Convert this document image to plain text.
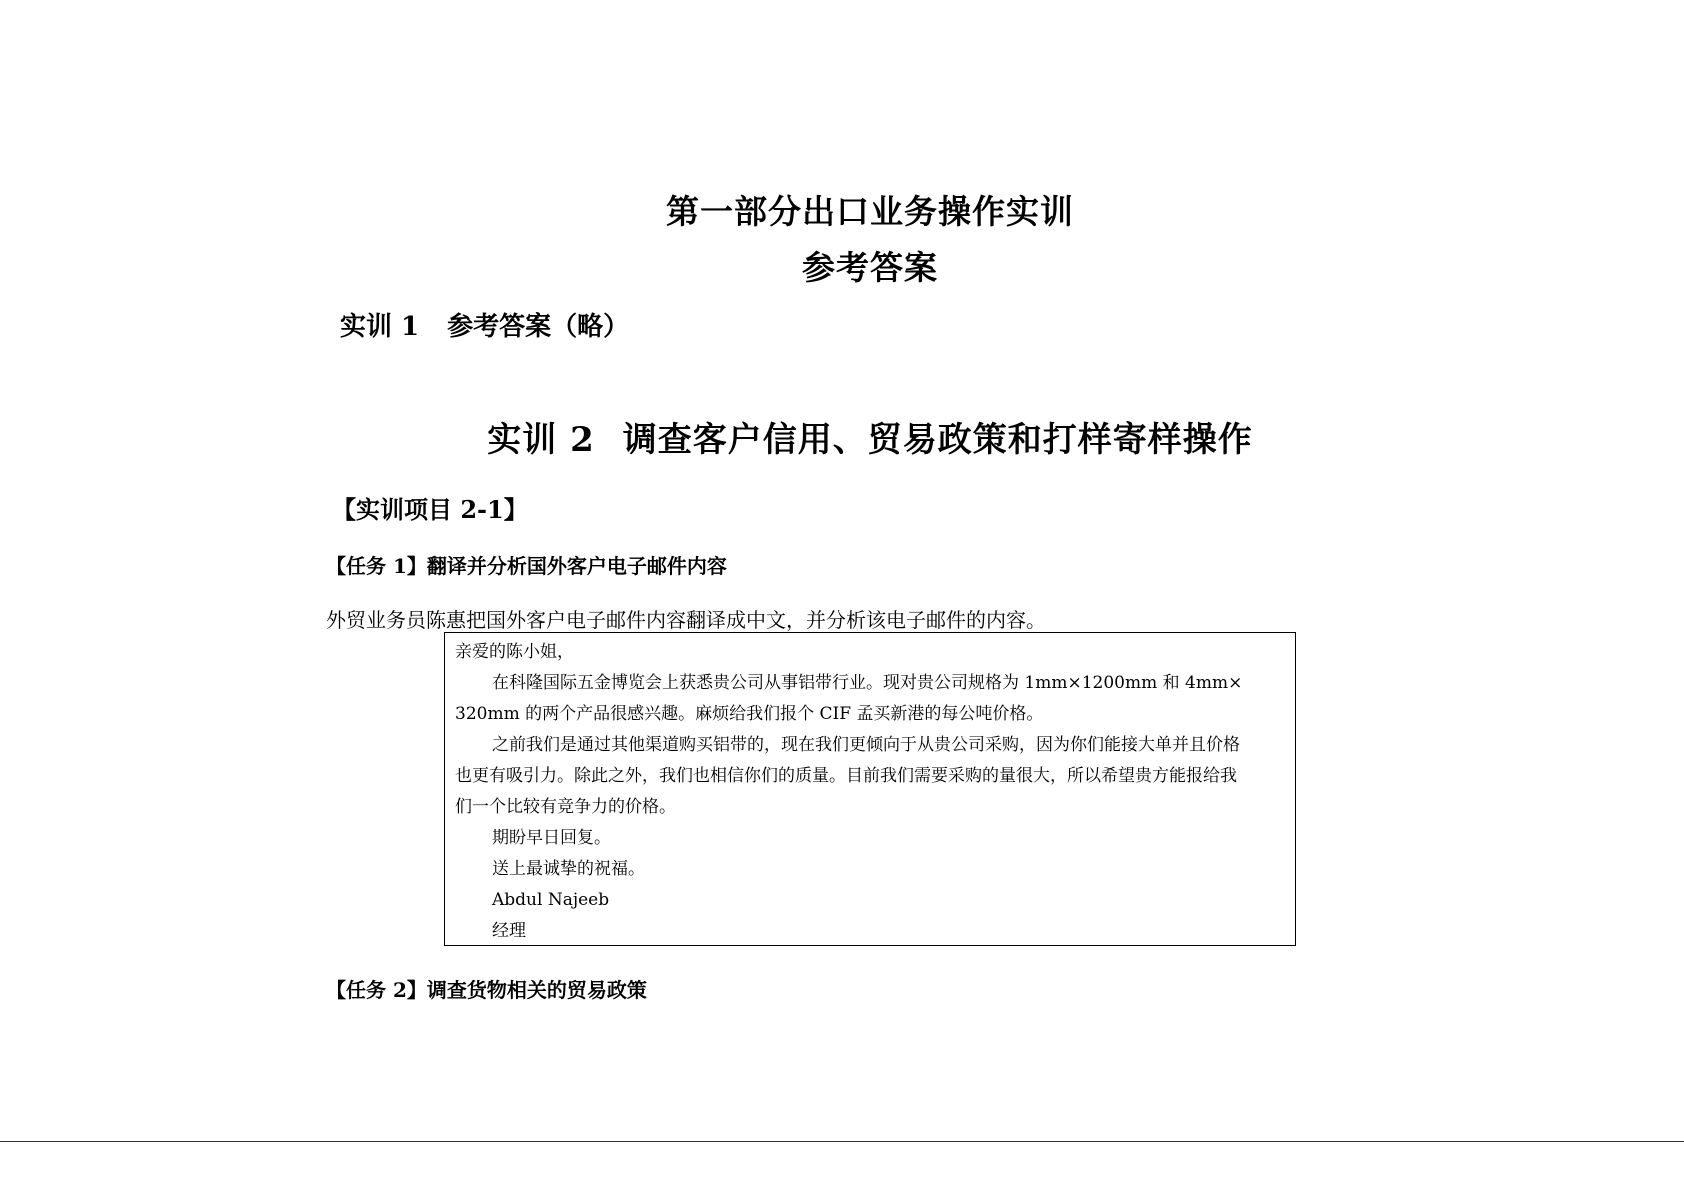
第一部分出口业务操作实训
参考答案
实训 1 参考答案（略）
实训 2 调查客户信用、贸易政策和打样寄样操作
【实训项目 2-1】
【任务 1】翻译并分析国外客户电子邮件内容
外贸业务员陈惠把国外客户电子邮件内容翻译成中文，并分析该电子邮件的内容。
亲爱的陈小姐，
在科隆国际五金博览会上获悉贵公司从事铝带行业。现对贵公司规格为 1mm×1200mm 和 4mm×
320mm 的两个产品很感兴趣。麻烦给我们报个 CIF 孟买新港的每公吨价格。
之前我们是通过其他渠道购买铝带的，现在我们更倾向于从贵公司采购，因为你们能接大单并且价格
也更有吸引力。除此之外，我们也相信你们的质量。目前我们需要采购的量很大，所以希望贵方能报给我
们一个比较有竞争力的价格。
期盼早日回复。
送上最诚挚的祝福。
Abdul Najeeb
经理
【任务 2】调查货物相关的贸易政策
